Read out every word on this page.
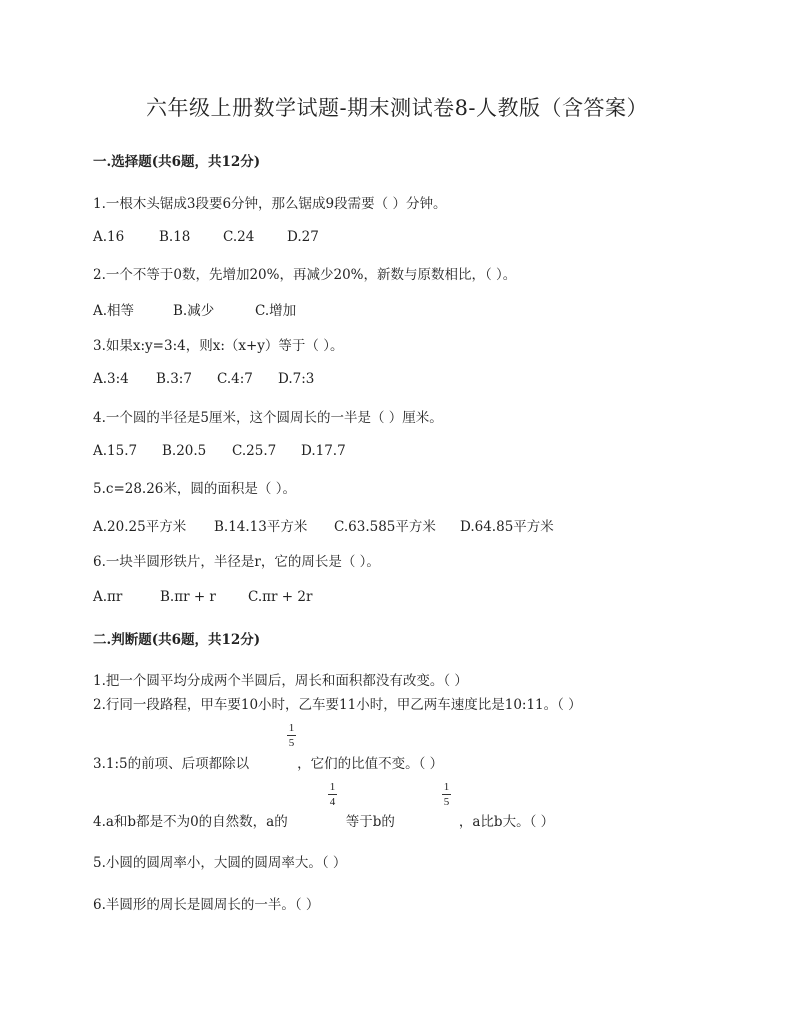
六年级上册数学试题-期末测试卷8-人教版（含答案）
一.选择题(共6题，共12分)
1.一根木头锯成3段要6分钟，那么锯成9段需要（ ）分钟。
A.16	B.18 C.24 D.27
2.一个不等于0数，先增加20%，再减少20%，新数与原数相比，（ ）。
A.相等	B.减少	C.增加
3.如果x:y=3:4，则x:（x+y）等于（ ）。
A.3:4 B.3:7 C.4:7 D.7:3
4.一个圆的半径是5厘米，这个圆周长的一半是（ ）厘米。
A.15.7 B.20.5 C.25.7 D.17.7
5.c=28.26米，圆的面积是（ ）。
A.20.25平方米 B.14.13平方米 C.63.585平方米 D.64.85平方米
6.一块半圆形铁片，半径是r，它的周长是（ ）。
A.πr	B.πr + r C.πr + 2r
二.判断题(共6题，共12分)
1.把一个圆平均分成两个半圆后，周长和面积都没有改变。（ ）
2.行同一段路程，甲车要10小时，乙车要11小时，甲乙两车速度比是10:11。（ ）
3.1:5的前项、后项都除以	，它们的比值不变。（ ）
1
5
4.a和b都是不为0的自然数，a的	等于b的	，a比b大。（ ）
1
4
1
5
5.小圆的圆周率小，大圆的圆周率大。（ ）
6.半圆形的周长是圆周长的一半。（ ）
